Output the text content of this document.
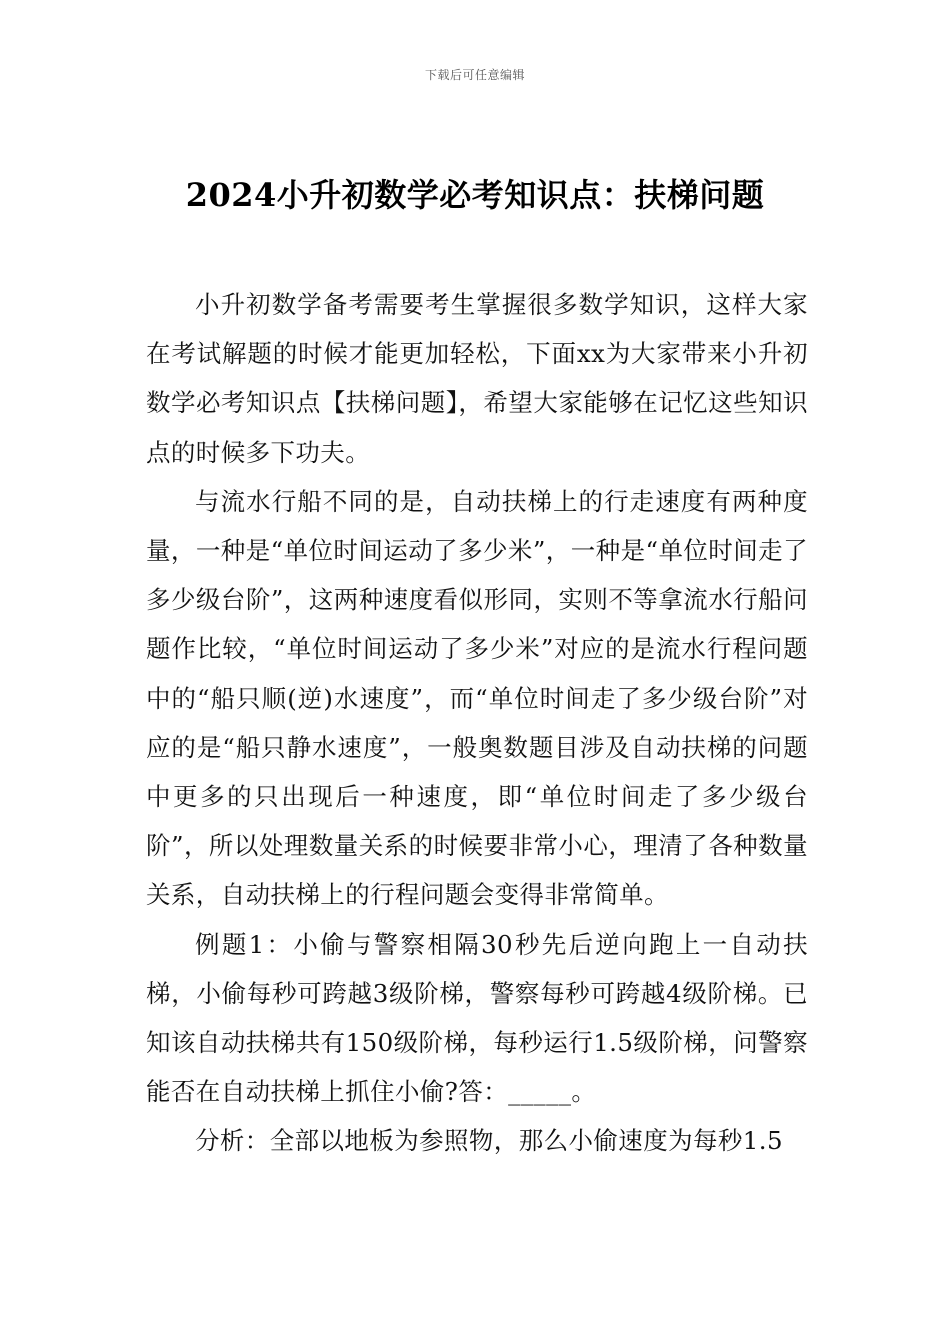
下载后可任意编辑
2024小升初数学必考知识点：扶梯问题

小升初数学备考需要考生掌握很多数学知识，这样大家在考试解题的时候才能更加轻松，下面xx为大家带来小升初数学必考知识点【扶梯问题】，希望大家能够在记忆这些知识点的时候多下功夫。

与流水行船不同的是，自动扶梯上的行走速度有两种度量，一种是“单位时间运动了多少米”，一种是“单位时间走了多少级台阶”，这两种速度看似形同，实则不等拿流水行船问题作比较，“单位时间运动了多少米”对应的是流水行程问题中的“船只顺(逆)水速度”，而“单位时间走了多少级台阶”对应的是“船只静水速度”，一般奥数题目涉及自动扶梯的问题中更多的只出现后一种速度，即“单位时间走了多少级台阶”，所以处理数量关系的时候要非常小心，理清了各种数量关系，自动扶梯上的行程问题会变得非常简单。

例题1：小偷与警察相隔30秒先后逆向跑上一自动扶梯，小偷每秒可跨越3级阶梯，警察每秒可跨越4级阶梯。已知该自动扶梯共有150级阶梯，每秒运行1.5级阶梯，问警察能否在自动扶梯上抓住小偷?答：_____。

分析：全部以地板为参照物，那么小偷速度为每秒1.5
